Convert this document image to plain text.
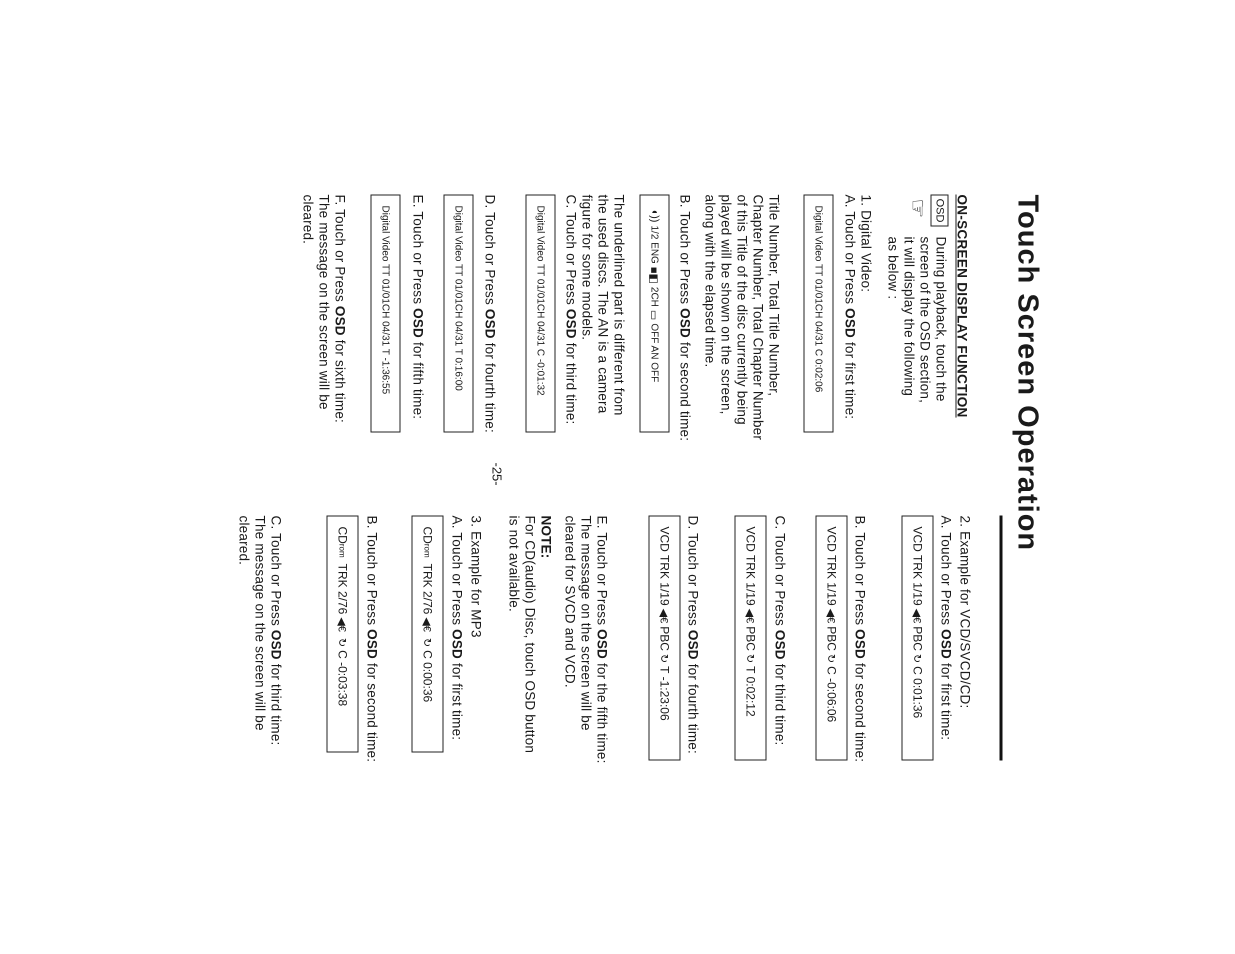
Touch Screen Operation
ON-SCREEN DISPLAY FUNCTION
OSD
☞
During playback, touch the
screen of the OSD section,
it will display the following
as below :
1. Digital Video:
A. Touch or Press OSD for first time:
Digital Video TT 01/01CH 04/31 C 0:02:06
Title Number, Total Title Number,
Chapter Number, Total Chapter Number
of this Title of the disc currently being
played will be shown on the screen,
along with the elapsed time.
B. Touch or Press OSD for second time:
◖))
1/2 ENG
■◧
2CH
▭
OFF AN OFF
The underlined part is different from
the used discs. The AN is a camera
figure for some models.
C. Touch or Press OSD for third time:
Digital Video TT 01/01CH 04/31 C -0:01:32
D. Touch or Press OSD for fourth time:
Digital Video TT 01/01CH 04/31 T 0:16:00
E. Touch or Press OSD for fifth time:
Digital Video TT 01/01CH 04/31 T -1:36:55
F. Touch or Press OSD for sixth time:
The message on the screen will be
cleared.
2. Example for VCD/SVCD/CD:
A. Touch or Press OSD for first time:
VCD TRK 1/19
◀€
PBC
↻
C 0:01:36
B. Touch or Press OSD for second time:
VCD TRK 1/19
◀€
PBC
↻
C -0:06:06
C. Touch or Press OSD for third time:
VCD TRK 1/19
◀€
PBC
↻
T 0:02:12
D. Touch or Press OSD for fourth time:
VCD TRK 1/19
◀€
PBC
↻
T -1:23:06
E. Touch or Press OSD for the fifth time:
The message on the screen will be
cleared for SVCD and VCD.
NOTE:
For CD(audio) Disc, touch OSD button
is not available.
3. Example for MP3
A. Touch or Press OSD for first time:
CD
rom
TRK 2/76
◀€
↻
C 0:00:36
B. Touch or Press OSD for second time:
CD
rom
TRK 2/76
◀€
↻
C -0:03:38
C. Touch or Press OSD for third time:
The message on the screen will be
cleared.
-25-
